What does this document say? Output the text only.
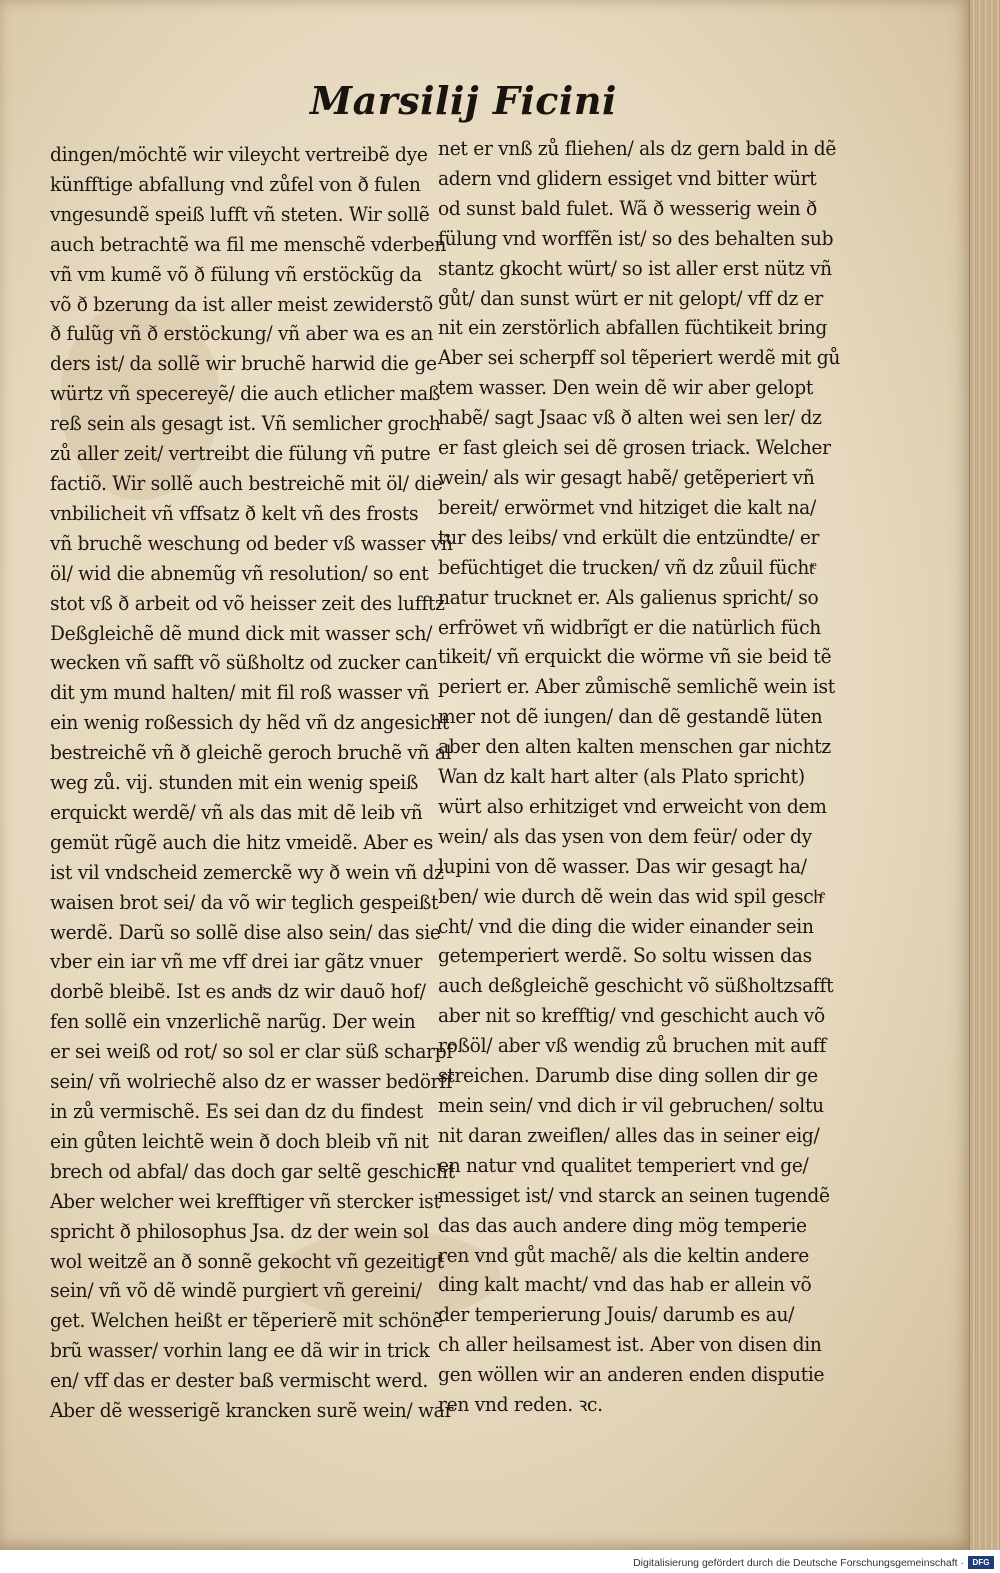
Marsilij Ficini
dingen/möchtẽ wir vileycht vertreibẽ dye
künfftige abfallung vnd zůfel von ð fulen
vngesundẽ speiß lufft vñ steten. Wir sollẽ
auch betrachtẽ wa fil me menschẽ vderben
vñ vm kumẽ võ ð fülung vñ erstöckũg da
võ ð bzerung da ist aller meist zewiderstõ
ð fulũg vñ ð erstöckung/ vñ aber wa es an
ders ist/ da sollẽ wir bruchẽ harwid die ge
würtz vñ specereyẽ/ die auch etlicher maß
reß sein als gesagt ist. Vñ semlicher groch
zů aller zeit/ vertreibt die fülung vñ putre
factiõ. Wir sollẽ auch bestreichẽ mit öl/ die
vnbilicheit vñ vffsatz ð kelt vñ des frosts
vñ bruchẽ weschung od beder vß wasser vñ
öl/ wid die abnemũg vñ resolution/ so ent
stot vß ð arbeit od võ heisser zeit des lufftz
Deßgleichẽ dẽ mund dick mit wasser sch/
wecken vñ safft võ süßholtz od zucker can
dit ym mund halten/ mit fil roß wasser vñ
ein wenig roßessich dy hẽd vñ dz angesicht
bestreichẽ vñ ð gleichẽ geroch bruchẽ vñ al
weg zů. vij. stunden mit ein wenig speiß
erquickt werdẽ/ vñ als das mit dẽ leib vñ
gemüt rũgẽ auch die hitz vmeidẽ. Aber es
ist vil vndscheid zemerckẽ wy ð wein vñ dz
waisen brot sei/ da võ wir teglich gespeißt
werdẽ. Darũ so sollẽ dise also sein/ das sie
vber ein iar vñ me vff drei iar gãtz vnuer
dorbẽ bleibẽ. Ist es andͤs dz wir dauõ hof/
fen sollẽ ein vnzerlichẽ narũg. Der wein
er sei weiß od rot/ so sol er clar süß scharpf
sein/ vñ wolriechẽ also dz er wasser bedörff
in zů vermischẽ. Es sei dan dz du findest
ein gůten leichtẽ wein ð doch bleib vñ nit
brech od abfal/ das doch gar seltẽ geschicht
Aber welcher wei krefftiger vñ stercker ist
spricht ð philosophus Jsa. dz der wein sol
wol weitzẽ an ð sonnẽ gekocht vñ gezeitigt
sein/ vñ võ dẽ windẽ purgiert vñ gereini/
get. Welchen heißt er tẽperierẽ mit schönẽ
brũ wasser/ vorhin lang ee dã wir in trick
en/ vff das er dester baß vermischt werd.
Aber dẽ wesserigẽ krancken surẽ wein/ war
net er vnß zů fliehen/ als dz gern bald in dẽ
adern vnd glidern essiget vnd bitter würt
od sunst bald fulet. Wã ð wesserig wein ð
fülung vnd worffẽn ist/ so des behalten sub
stantz gkocht würt/ so ist aller erst nütz vñ
gůt/ dan sunst würt er nit gelopt/ vff dz er
nit ein zerstörlich abfallen füchtikeit bring
Aber sei scherpff sol tẽperiert werdẽ mit gů
tem wasser. Den wein dẽ wir aber gelopt
habẽ/ sagt Jsaac vß ð alten wei sen ler/ dz
er fast gleich sei dẽ grosen triack. Welcher
wein/ als wir gesagt habẽ/ getẽperiert vñ
bereit/ erwörmet vnd hitziget die kalt na/
tur des leibs/ vnd erkült die entzündte/ er
befüchtiget die trucken/ vñ dz zůuil füchtͤ
natur trucknet er. Als galienus spricht/ so
erfröwet vñ widbrĩgt er die natürlich füch
tikeit/ vñ erquickt die wörme vñ sie beid tẽ
periert er. Aber zůmischẽ semlichẽ wein ist
mer not dẽ iungen/ dan dẽ gestandẽ lüten
aber den alten kalten menschen gar nichtz
Wan dz kalt hart alter (als Plato spricht)
würt also erhitziget vnd erweicht von dem
wein/ als das ysen von dem feür/ oder dy
lupini von dẽ wasser. Das wir gesagt ha/
ben/ wie durch dẽ wein das wid spil geschͤ
cht/ vnd die ding die wider einander sein
getemperiert werdẽ. So soltu wissen das
auch deßgleichẽ geschicht võ süßholtzsafft
aber nit so krefftig/ vnd geschicht auch võ
roßöl/ aber vß wendig zů bruchen mit auff
streichen. Darumb dise ding sollen dir ge
mein sein/ vnd dich ir vil gebruchen/ soltu
nit daran zweiflen/ alles das in seiner eig/
en natur vnd qualitet temperiert vnd ge/
messiget ist/ vnd starck an seinen tugendẽ
das das auch andere ding mög temperie
ren vnd gůt machẽ/ als die keltin andere
ding kalt macht/ vnd das hab er allein võ
der temperierung Jouis/ darumb es au/
ch aller heilsamest ist. Aber von disen din
gen wöllen wir an anderen enden disputie
ren vnd reden. ꝛc.
Digitalisierung gefördert durch die Deutsche Forschungsgemeinschaft ·	DFG
